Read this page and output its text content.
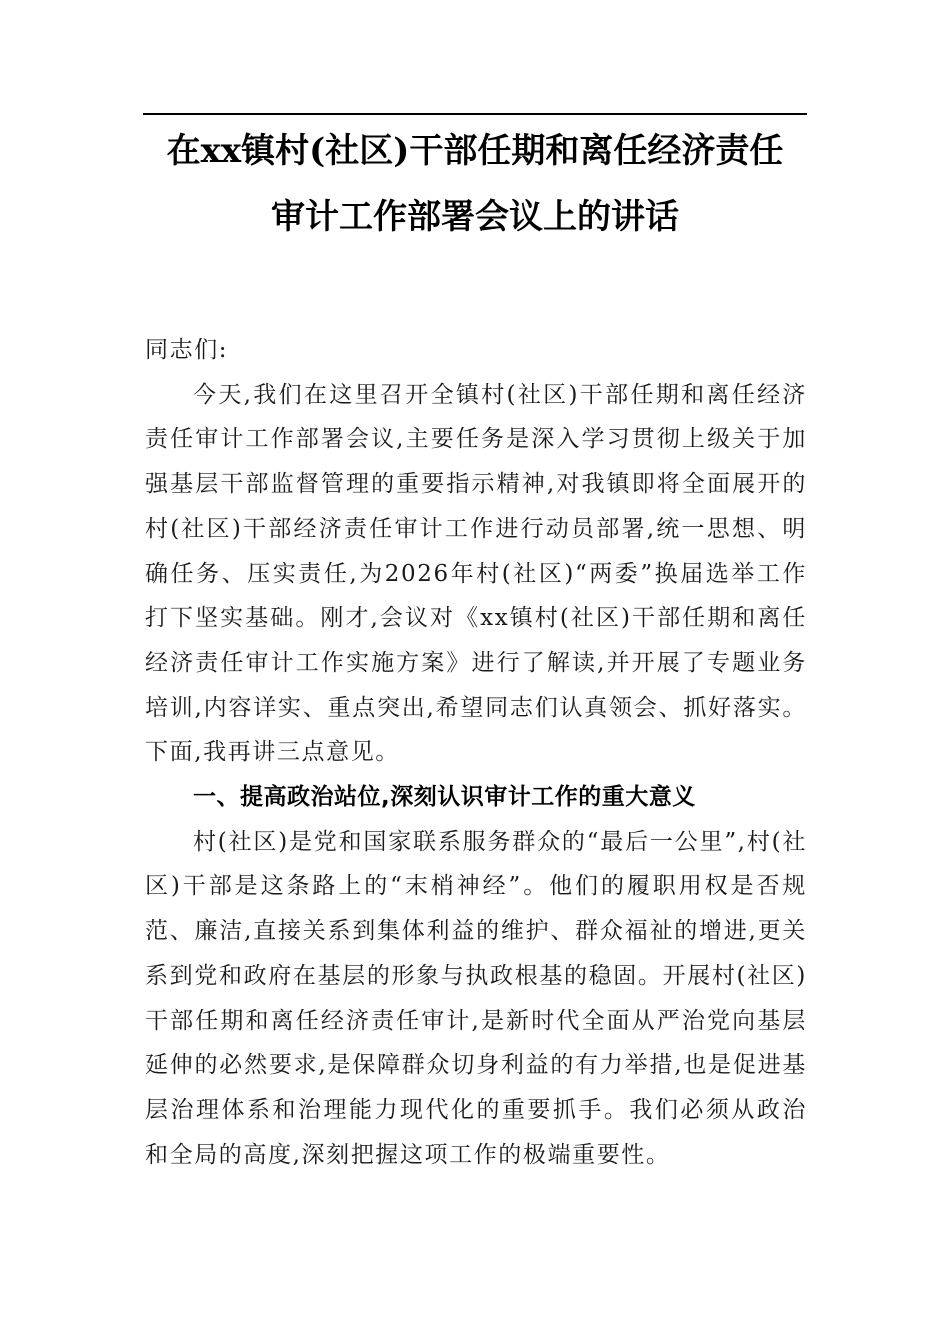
在xx镇村(社区)干部任期和离任经济责任
审计工作部署会议上的讲话

同志们:

今天,我们在这里召开全镇村(社区)干部任期和离任经济责任审计工作部署会议,主要任务是深入学习贯彻上级关于加强基层干部监督管理的重要指示精神,对我镇即将全面展开的村(社区)干部经济责任审计工作进行动员部署,统一思想、明确任务、压实责任,为2026年村(社区)“两委”换届选举工作打下坚实基础。刚才,会议对《xx镇村(社区)干部任期和离任经济责任审计工作实施方案》进行了解读,并开展了专题业务培训,内容详实、重点突出,希望同志们认真领会、抓好落实。下面,我再讲三点意见。

一、提高政治站位,深刻认识审计工作的重大意义

村(社区)是党和国家联系服务群众的“最后一公里”,村(社区)干部是这条路上的“末梢神经”。他们的履职用权是否规范、廉洁,直接关系到集体利益的维护、群众福祉的增进,更关系到党和政府在基层的形象与执政根基的稳固。开展村(社区)干部任期和离任经济责任审计,是新时代全面从严治党向基层延伸的必然要求,是保障群众切身利益的有力举措,也是促进基层治理体系和治理能力现代化的重要抓手。我们必须从政治和全局的高度,深刻把握这项工作的极端重要性。
